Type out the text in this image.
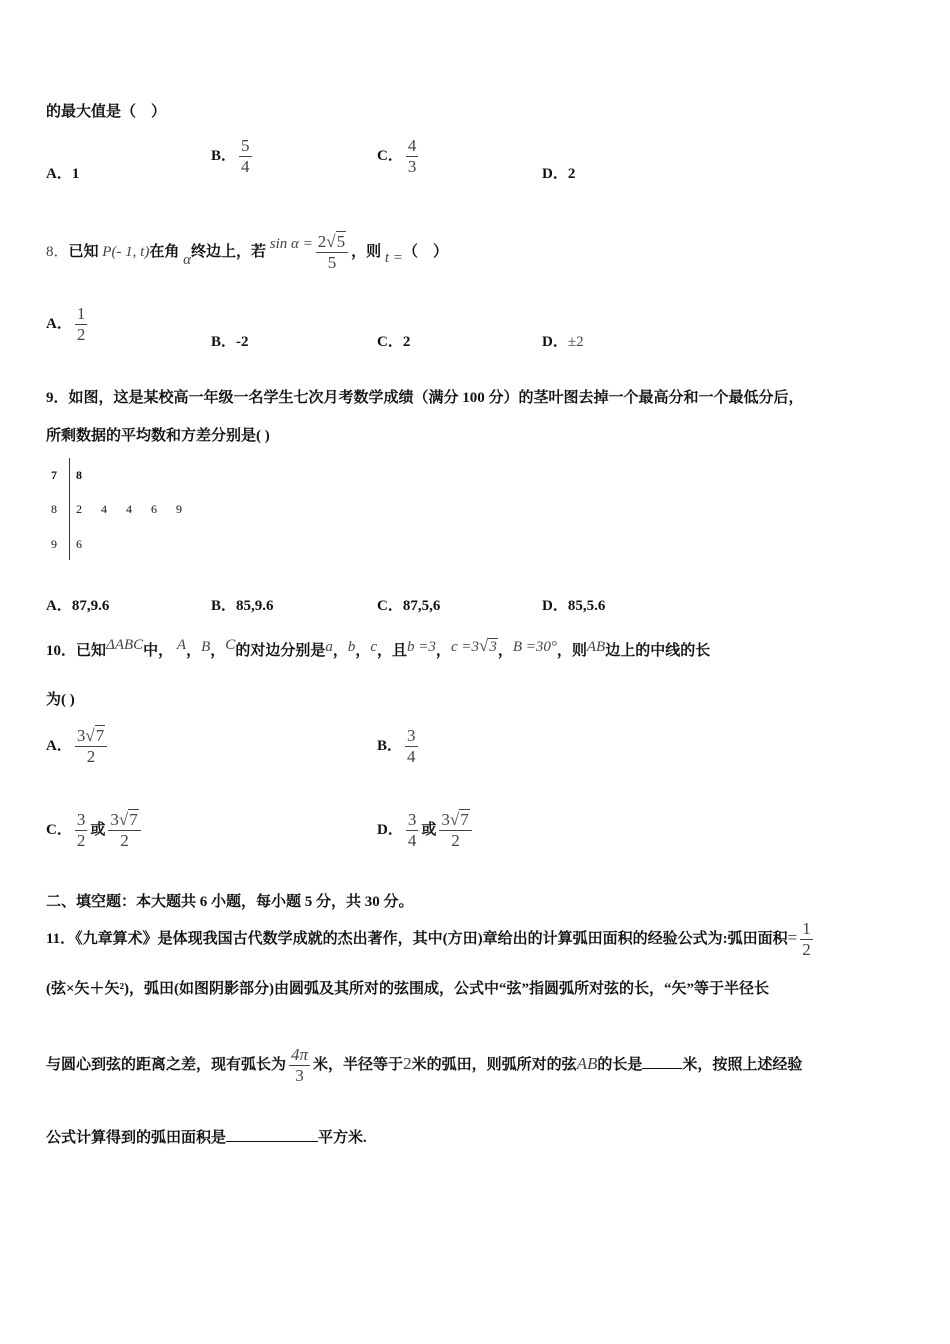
的最大值是（　）
A．1
B． $\frac{5}{4}$	C． $\frac{4}{3}$	D．2
8．已知 P(- 1, t)在角 α终边上，若 $\sin \alpha = \frac{2√5}{5}$ ，则 t =（　）
A． $\frac{1}{2}$	B．-2	C．2	D．±2
9．如图，这是某校高一年级一名学生七次月考数学成绩（满分 100 分）的茎叶图去掉一个最高分和一个最低分后，
所剩数据的平均数和方差分别是( )
7 8
8 2 4 4 6 9
9 6
A．87,9.6	B．85,9.6	C．87,5,6	D．85,5.6
10．已知ΔABC中， A，B，C的对边分别是a，b，c，且b =3，c =3√3，B =30°，则AB边上的中线的长
为( )
A． $\frac{3√7}{2}$	B． $\frac{3}{4}$
C． $\frac{3}{2}$ 或 $\frac{3√7}{2}$	D． $\frac{3}{4}$ 或 $\frac{3√7}{2}$
二、填空题：本大题共 6 小题，每小题 5 分，共 30 分。
11．《九章算术》是体现我国古代数学成就的杰出著作，其中(方田)章给出的计算弧田面积的经验公式为:弧田面积= $\frac{1}{2}$
(弦×矢＋矢²)，弧田(如图阴影部分)由圆弧及其所对的弦围成，公式中“弦”指圆弧所对弦的长，“矢”等于半径长
与圆心到弦的距离之差，现有弧长为 $\frac{4\pi}{3}$ 米，半径等于2米的弧田，则弧所对的弦AB的长是	米，按照上述经验
公式计算得到的弧田面积是	平方米.
